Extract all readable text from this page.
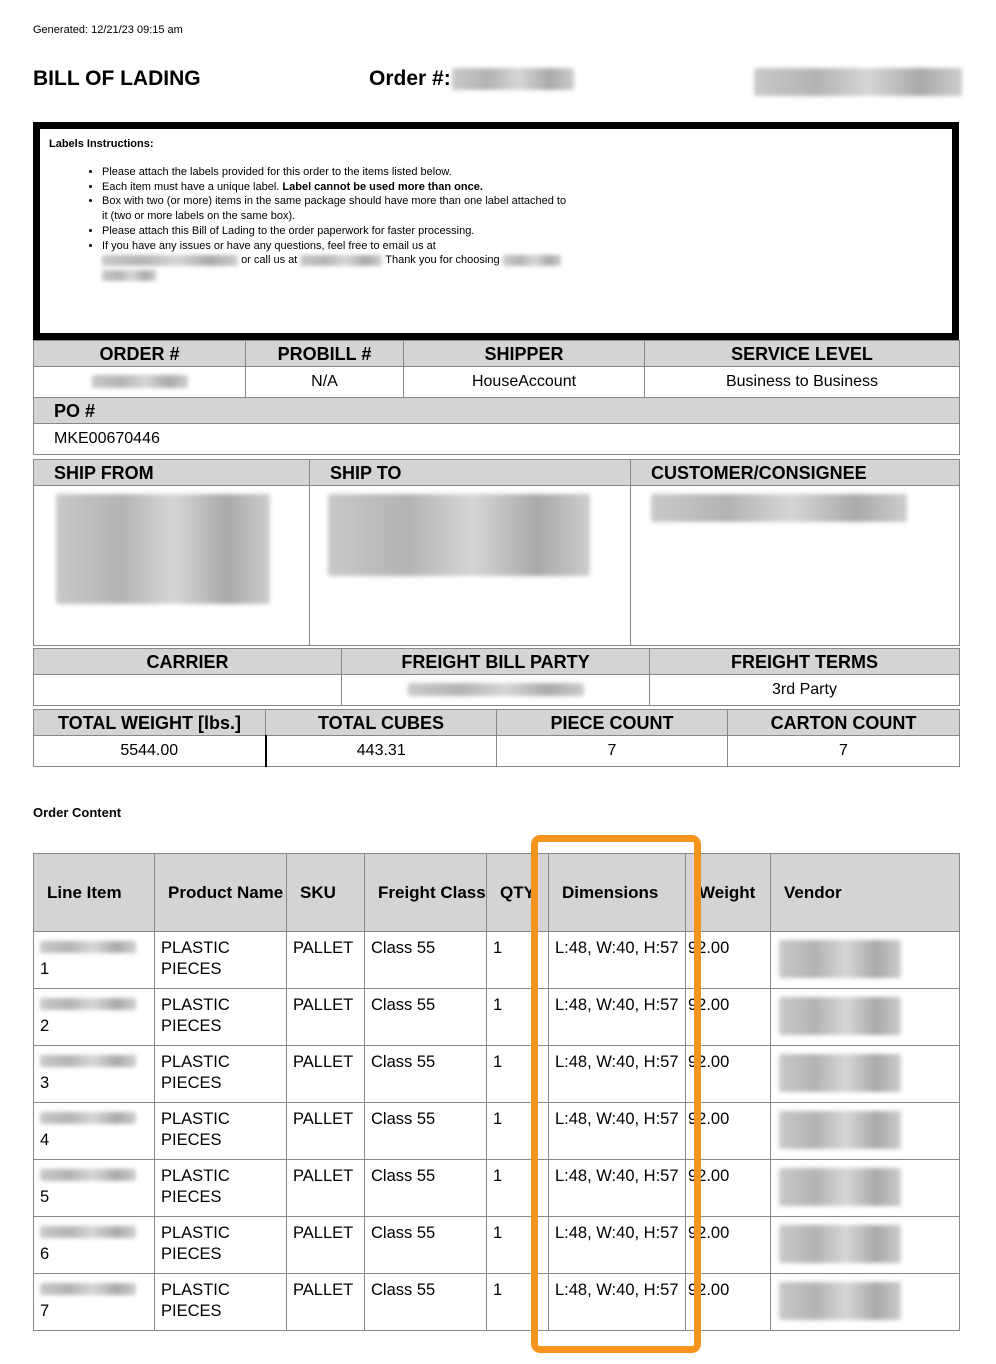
Generated: 12/21/23 09:15 am
BILL OF LADING	Order #:
Labels Instructions:
• Please attach the labels provided for this order to the items listed below.
• Each item must have a unique label. Label cannot be used more than once.
• Box with two (or more) items in the same package should have more than one label attached to it (two or more labels on the same box).
• Please attach this Bill of Lading to the order paperwork for faster processing.
• If you have any issues or have any questions, feel free to email us at
or call us at	Thank you for choosing

ORDER #	PROBILL #	SHIPPER	SERVICE LEVEL
	N/A	HouseAccount	Business to Business
PO #			
MKE00670446			
SHIP FROM	SHIP TO	CUSTOMER/CONSIGNEE

CARRIER	FREIGHT BILL PARTY	FREIGHT TERMS
		3rd Party
TOTAL WEIGHT [lbs.]	TOTAL CUBES	PIECE COUNT	CARTON COUNT
5544.00	443.31	7	7
Order Content
Line Item	Product Name	SKU	Freight Class	QTY	Dimensions	Weight	Vendor

1	PLASTIC PIECES	PALLET	Class 55	1	L:48, W:40, H:57	92.00	

2	PLASTIC PIECES	PALLET	Class 55	1	L:48, W:40, H:57	92.00	

3	PLASTIC PIECES	PALLET	Class 55	1	L:48, W:40, H:57	92.00	

4	PLASTIC PIECES	PALLET	Class 55	1	L:48, W:40, H:57	92.00	

5	PLASTIC PIECES	PALLET	Class 55	1	L:48, W:40, H:57	92.00	

6	PLASTIC PIECES	PALLET	Class 55	1	L:48, W:40, H:57	92.00	

7	PLASTIC PIECES	PALLET	Class 55	1	L:48, W:40, H:57	92.00	
